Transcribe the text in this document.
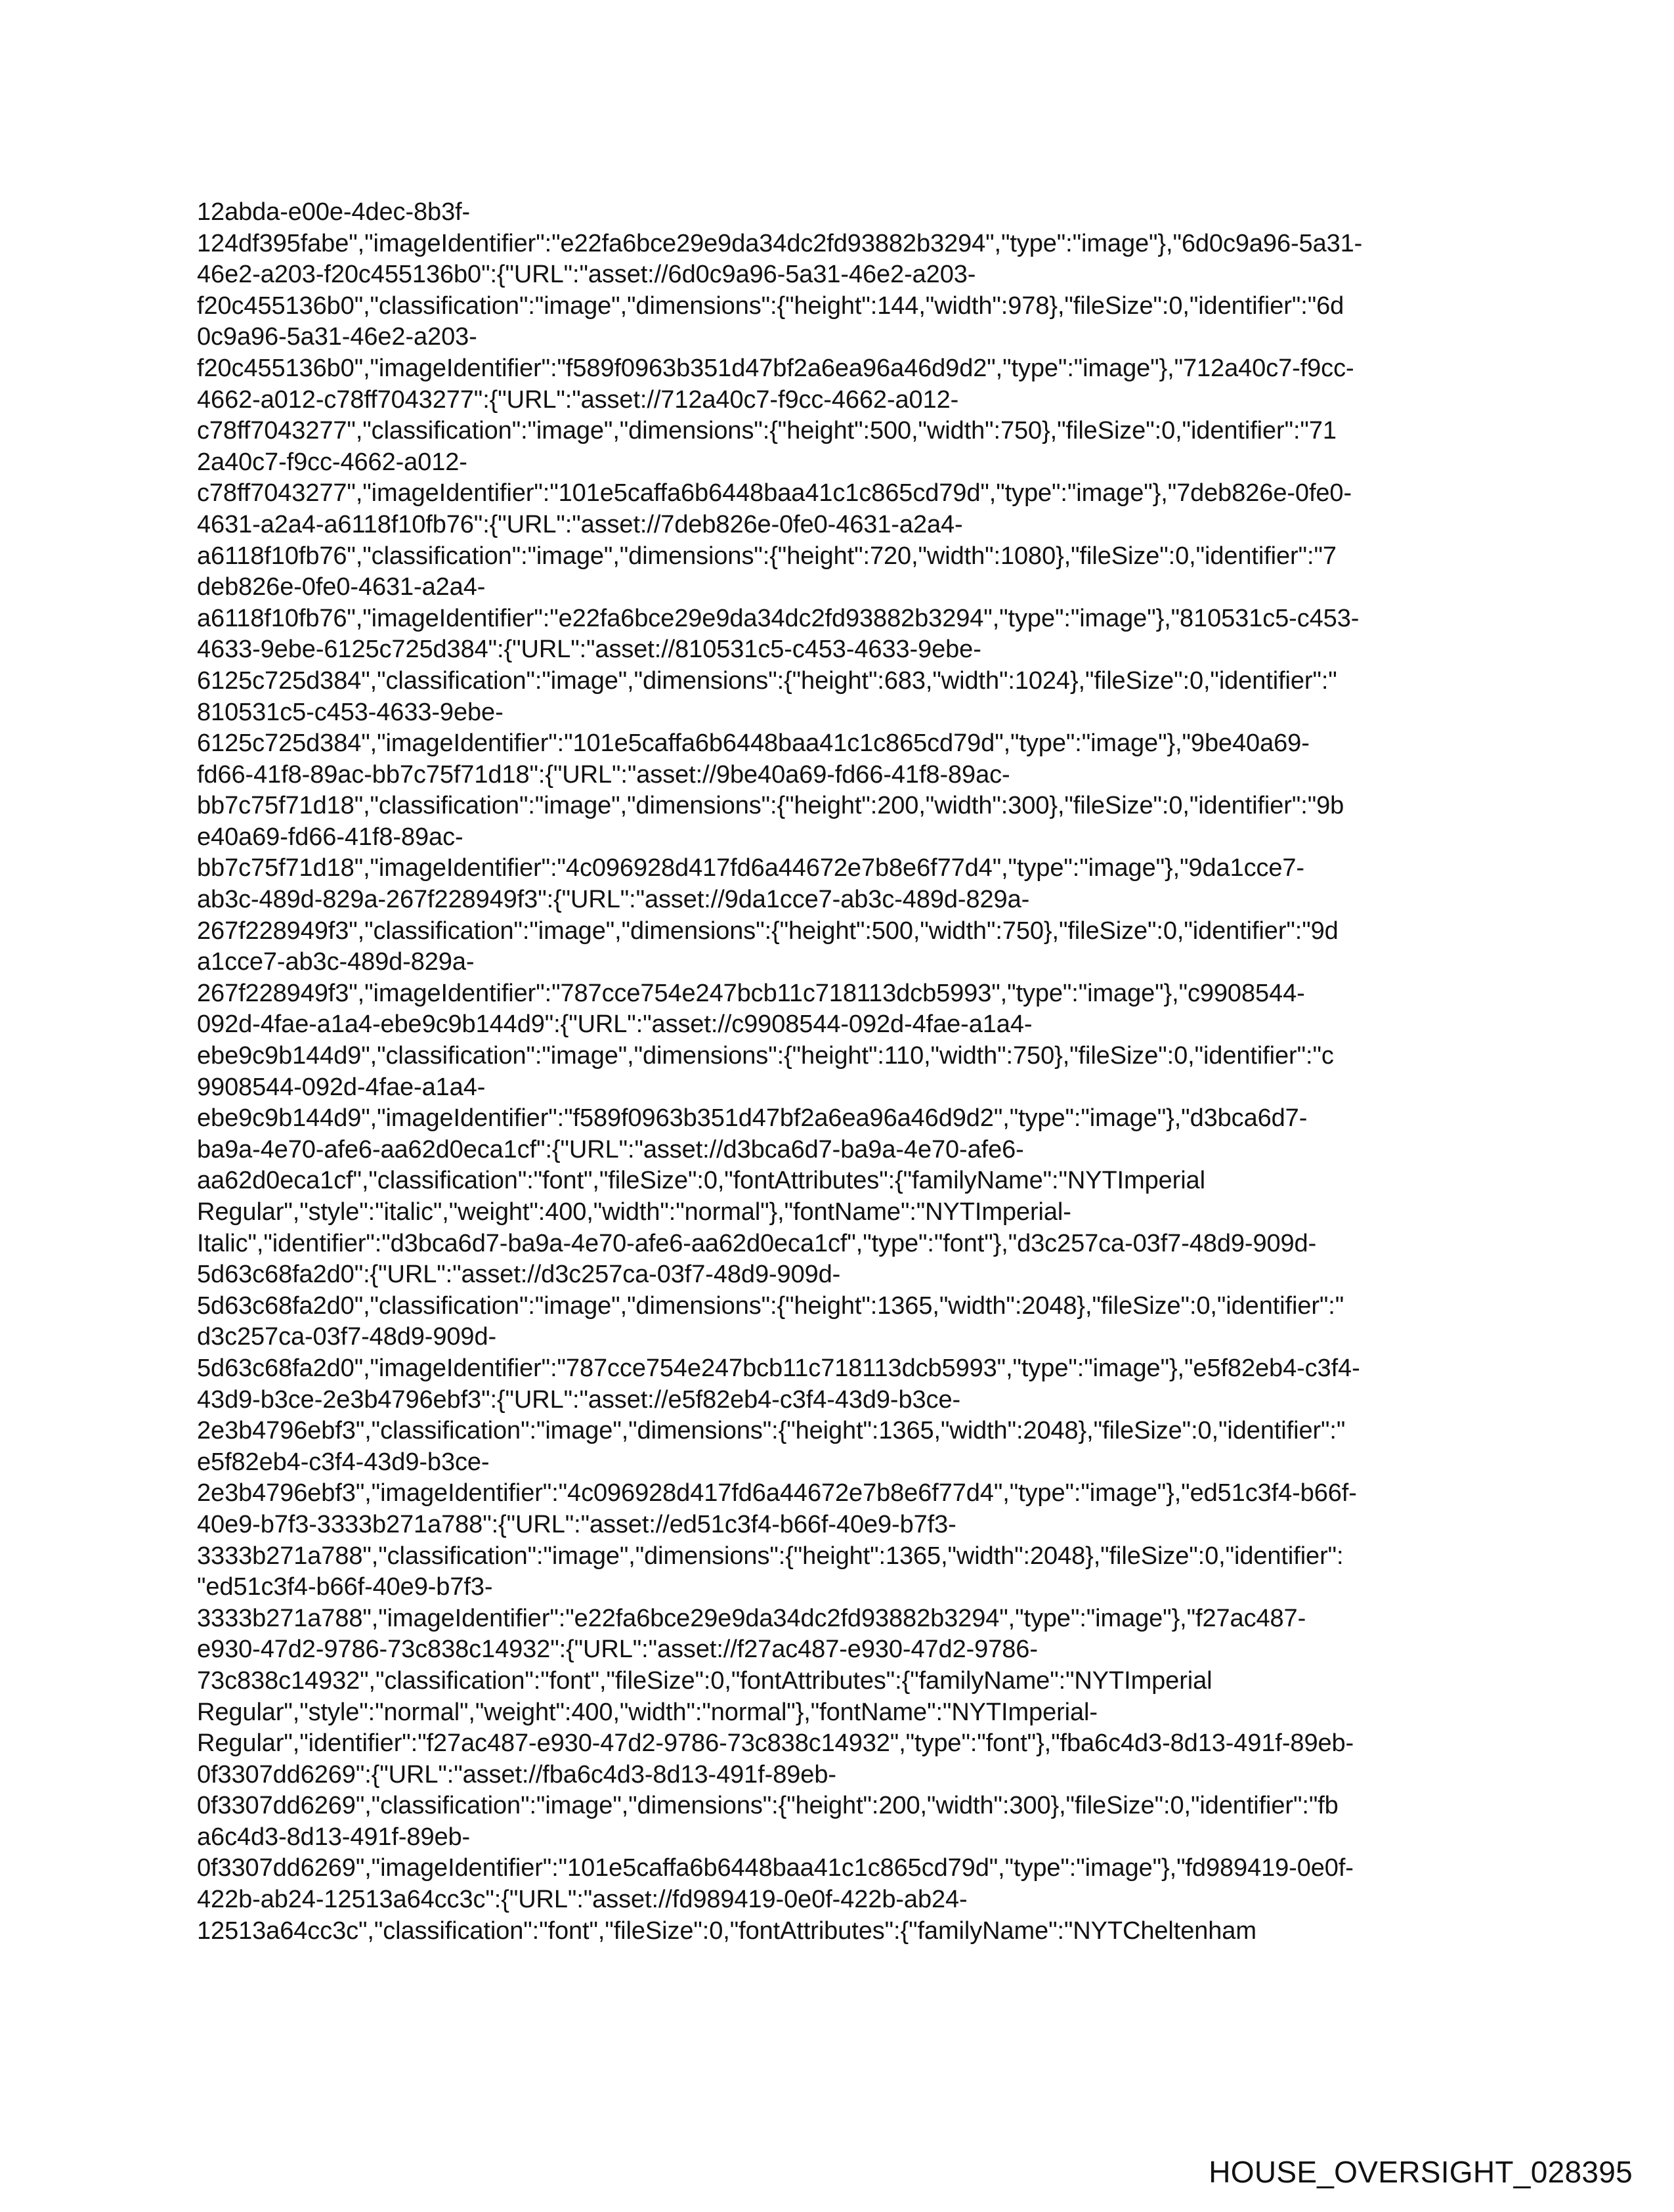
12abda-e00e-4dec-8b3f-
124df395fabe","imageIdentifier":"e22fa6bce29e9da34dc2fd93882b3294","type":"image"},"6d0c9a96-5a31-
46e2-a203-f20c455136b0":{"URL":"asset://6d0c9a96-5a31-46e2-a203-
f20c455136b0","classification":"image","dimensions":{"height":144,"width":978},"fileSize":0,"identifier":"6d
0c9a96-5a31-46e2-a203-
f20c455136b0","imageIdentifier":"f589f0963b351d47bf2a6ea96a46d9d2","type":"image"},"712a40c7-f9cc-
4662-a012-c78ff7043277":{"URL":"asset://712a40c7-f9cc-4662-a012-
c78ff7043277","classification":"image","dimensions":{"height":500,"width":750},"fileSize":0,"identifier":"71
2a40c7-f9cc-4662-a012-
c78ff7043277","imageIdentifier":"101e5caffa6b6448baa41c1c865cd79d","type":"image"},"7deb826e-0fe0-
4631-a2a4-a6118f10fb76":{"URL":"asset://7deb826e-0fe0-4631-a2a4-
a6118f10fb76","classification":"image","dimensions":{"height":720,"width":1080},"fileSize":0,"identifier":"7
deb826e-0fe0-4631-a2a4-
a6118f10fb76","imageIdentifier":"e22fa6bce29e9da34dc2fd93882b3294","type":"image"},"810531c5-c453-
4633-9ebe-6125c725d384":{"URL":"asset://810531c5-c453-4633-9ebe-
6125c725d384","classification":"image","dimensions":{"height":683,"width":1024},"fileSize":0,"identifier":"
810531c5-c453-4633-9ebe-
6125c725d384","imageIdentifier":"101e5caffa6b6448baa41c1c865cd79d","type":"image"},"9be40a69-
fd66-41f8-89ac-bb7c75f71d18":{"URL":"asset://9be40a69-fd66-41f8-89ac-
bb7c75f71d18","classification":"image","dimensions":{"height":200,"width":300},"fileSize":0,"identifier":"9b
e40a69-fd66-41f8-89ac-
bb7c75f71d18","imageIdentifier":"4c096928d417fd6a44672e7b8e6f77d4","type":"image"},"9da1cce7-
ab3c-489d-829a-267f228949f3":{"URL":"asset://9da1cce7-ab3c-489d-829a-
267f228949f3","classification":"image","dimensions":{"height":500,"width":750},"fileSize":0,"identifier":"9d
a1cce7-ab3c-489d-829a-
267f228949f3","imageIdentifier":"787cce754e247bcb11c718113dcb5993","type":"image"},"c9908544-
092d-4fae-a1a4-ebe9c9b144d9":{"URL":"asset://c9908544-092d-4fae-a1a4-
ebe9c9b144d9","classification":"image","dimensions":{"height":110,"width":750},"fileSize":0,"identifier":"c
9908544-092d-4fae-a1a4-
ebe9c9b144d9","imageIdentifier":"f589f0963b351d47bf2a6ea96a46d9d2","type":"image"},"d3bca6d7-
ba9a-4e70-afe6-aa62d0eca1cf":{"URL":"asset://d3bca6d7-ba9a-4e70-afe6-
aa62d0eca1cf","classification":"font","fileSize":0,"fontAttributes":{"familyName":"NYTImperial
Regular","style":"italic","weight":400,"width":"normal"},"fontName":"NYTImperial-
Italic","identifier":"d3bca6d7-ba9a-4e70-afe6-aa62d0eca1cf","type":"font"},"d3c257ca-03f7-48d9-909d-
5d63c68fa2d0":{"URL":"asset://d3c257ca-03f7-48d9-909d-
5d63c68fa2d0","classification":"image","dimensions":{"height":1365,"width":2048},"fileSize":0,"identifier":"
d3c257ca-03f7-48d9-909d-
5d63c68fa2d0","imageIdentifier":"787cce754e247bcb11c718113dcb5993","type":"image"},"e5f82eb4-c3f4-
43d9-b3ce-2e3b4796ebf3":{"URL":"asset://e5f82eb4-c3f4-43d9-b3ce-
2e3b4796ebf3","classification":"image","dimensions":{"height":1365,"width":2048},"fileSize":0,"identifier":"
e5f82eb4-c3f4-43d9-b3ce-
2e3b4796ebf3","imageIdentifier":"4c096928d417fd6a44672e7b8e6f77d4","type":"image"},"ed51c3f4-b66f-
40e9-b7f3-3333b271a788":{"URL":"asset://ed51c3f4-b66f-40e9-b7f3-
3333b271a788","classification":"image","dimensions":{"height":1365,"width":2048},"fileSize":0,"identifier":
"ed51c3f4-b66f-40e9-b7f3-
3333b271a788","imageIdentifier":"e22fa6bce29e9da34dc2fd93882b3294","type":"image"},"f27ac487-
e930-47d2-9786-73c838c14932":{"URL":"asset://f27ac487-e930-47d2-9786-
73c838c14932","classification":"font","fileSize":0,"fontAttributes":{"familyName":"NYTImperial
Regular","style":"normal","weight":400,"width":"normal"},"fontName":"NYTImperial-
Regular","identifier":"f27ac487-e930-47d2-9786-73c838c14932","type":"font"},"fba6c4d3-8d13-491f-89eb-
0f3307dd6269":{"URL":"asset://fba6c4d3-8d13-491f-89eb-
0f3307dd6269","classification":"image","dimensions":{"height":200,"width":300},"fileSize":0,"identifier":"fb
a6c4d3-8d13-491f-89eb-
0f3307dd6269","imageIdentifier":"101e5caffa6b6448baa41c1c865cd79d","type":"image"},"fd989419-0e0f-
422b-ab24-12513a64cc3c":{"URL":"asset://fd989419-0e0f-422b-ab24-
12513a64cc3c","classification":"font","fileSize":0,"fontAttributes":{"familyName":"NYTCheltenham
HOUSE_OVERSIGHT_028395
